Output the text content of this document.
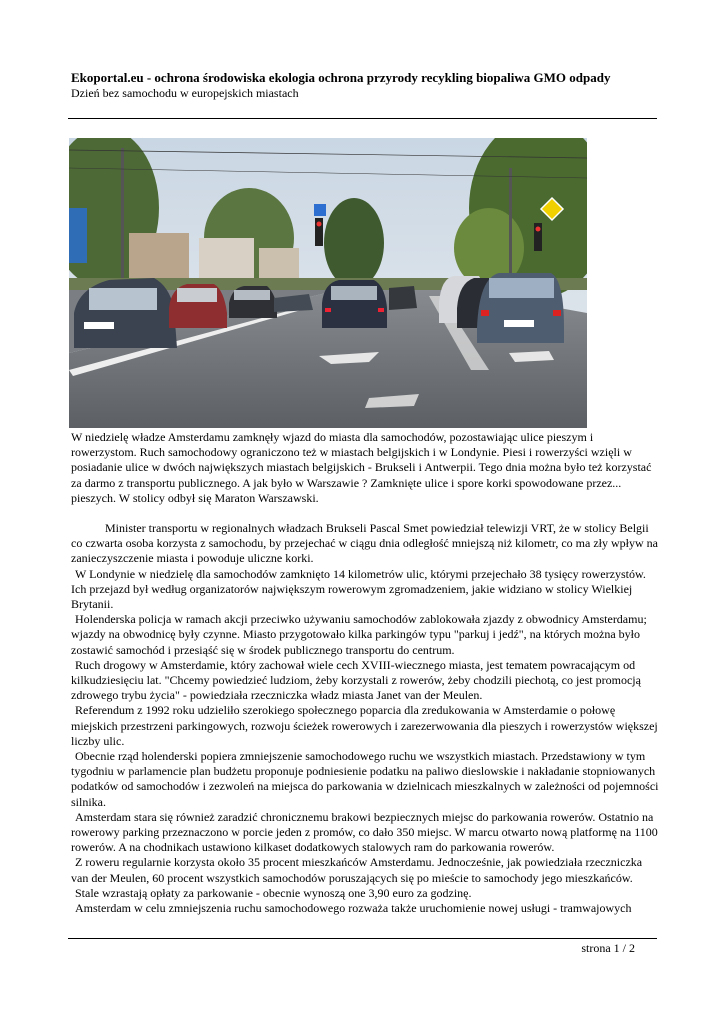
Ekoportal.eu - ochrona środowiska ekologia ochrona przyrody recykling biopaliwa GMO odpady

Dzień bez samochodu w europejskich miastach

W niedzielę władze Amsterdamu zamknęły wjazd do miasta dla samochodów, pozostawiając ulice pieszym i rowerzystom. Ruch samochodowy ograniczono też w miastach belgijskich i w Londynie. Piesi i rowerzyści wzięli w posiadanie ulice w dwóch największych miastach belgijskich - Brukseli i Antwerpii. Tego dnia można było też korzystać za darmo z transportu publicznego. A jak było w Warszawie ? Zamknięte ulice i spore korki spowodowane przez... pieszych. W stolicy odbył się Maraton Warszawski.

Minister transportu w regionalnych władzach Brukseli Pascal Smet powiedział telewizji VRT, że w stolicy Belgii co czwarta osoba korzysta z samochodu, by przejechać w ciągu dnia odległość mniejszą niż kilometr, co ma zły wpływ na zanieczyszczenie miasta i powoduje uliczne korki.

W Londynie w niedzielę dla samochodów zamknięto 14 kilometrów ulic, którymi przejechało 38 tysięcy rowerzystów. Ich przejazd był według organizatorów największym rowerowym zgromadzeniem, jakie widziano w stolicy Wielkiej Brytanii.

Holenderska policja w ramach akcji przeciwko używaniu samochodów zablokowała zjazdy z obwodnicy Amsterdamu; wjazdy na obwodnicę były czynne. Miasto przygotowało kilka parkingów typu "parkuj i jedź", na których można było zostawić samochód i przesiąść się w środek publicznego transportu do centrum.

Ruch drogowy w Amsterdamie, który zachował wiele cech XVIII-wiecznego miasta, jest tematem powracającym od kilkudziesięciu lat. "Chcemy powiedzieć ludziom, żeby korzystali z rowerów, żeby chodzili piechotą, co jest promocją zdrowego trybu życia" - powiedziała rzeczniczka władz miasta Janet van der Meulen.

Referendum z 1992 roku udzieliło szerokiego społecznego poparcia dla zredukowania w Amsterdamie o połowę miejskich przestrzeni parkingowych, rozwoju ścieżek rowerowych i zarezerwowania dla pieszych i rowerzystów większej liczby ulic.

Obecnie rząd holenderski popiera zmniejszenie samochodowego ruchu we wszystkich miastach. Przedstawiony w tym tygodniu w parlamencie plan budżetu proponuje podniesienie podatku na paliwo dieslowskie i nakładanie stopniowanych podatków od samochodów i zezwoleń na miejsca do parkowania w dzielnicach mieszkalnych w zależności od pojemności silnika.

Amsterdam stara się również zaradzić chronicznemu brakowi bezpiecznych miejsc do parkowania rowerów. Ostatnio na rowerowy parking przeznaczono w porcie jeden z promów, co dało 350 miejsc. W marcu otwarto nową platformę na 1100 rowerów. A na chodnikach ustawiono kilkaset dodatkowych stalowych ram do parkowania rowerów.

Z roweru regularnie korzysta około 35 procent mieszkańców Amsterdamu. Jednocześnie, jak powiedziała rzeczniczka van der Meulen, 60 procent wszystkich samochodów poruszających się po mieście to samochody jego mieszkańców.

Stale wzrastają opłaty za parkowanie - obecnie wynoszą one 3,90 euro za godzinę.

Amsterdam w celu zmniejszenia ruchu samochodowego rozważa także uruchomienie nowej usługi - tramwajowych

strona 1 / 2
